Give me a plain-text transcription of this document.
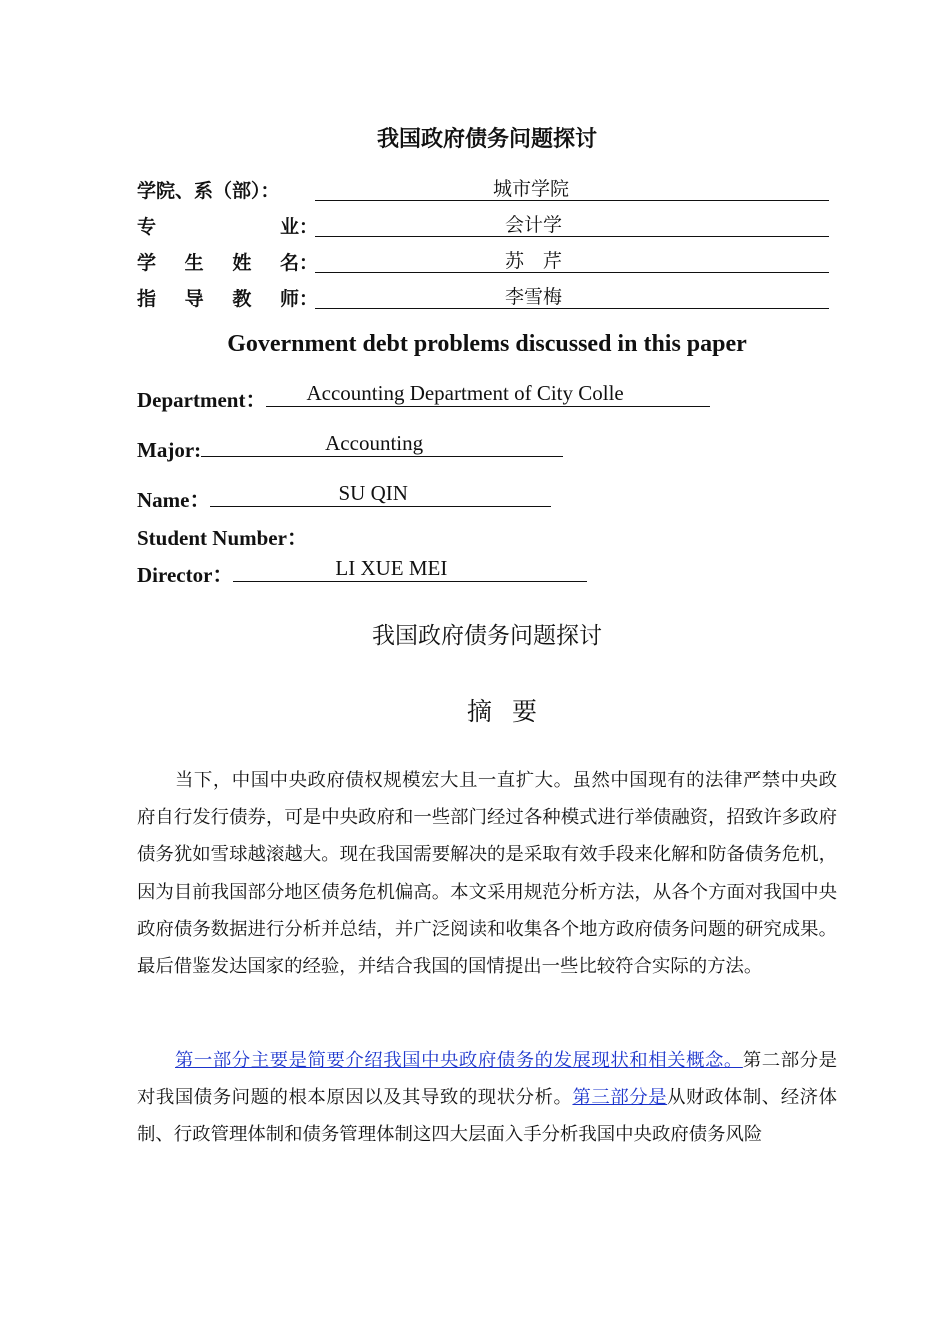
我国政府债务问题探讨
学院、系（部）：	城市学院
专	业 ：	会计学
学 生 姓 名 ：	苏　芹
指 导 教 师 ：	李雪梅
Government debt problems discussed in this paper
Department： Accounting Department of City Colle
Major:	Accounting
Name：	SU QIN
Student Number：
Director：	LI XUE MEI
我国政府债务问题探讨
摘要
当下，中国中央政府债权规模宏大且一直扩大。虽然中国现有的法律严禁中央政府自行发行债券，可是中央政府和一些部门经过各种模式进行举债融资，招致许多政府债务犹如雪球越滚越大。现在我国需要解决的是采取有效手段来化解和防备债务危机，因为目前我国部分地区债务危机偏高。本文采用规范分析方法，从各个方面对我国中央政府债务数据进行分析并总结，并广泛阅读和收集各个地方政府债务问题的研究成果。最后借鉴发达国家的经验，并结合我国的国情提出一些比较符合实际的方法。
第一部分主要是简要介绍我国中央政府债务的发展现状和相关概念。第二部分是对我国债务问题的根本原因以及其导致的现状分析。第三部分是从财政体制、经济体制、行政管理体制和债务管理体制这四大层面入手分析我国中央政府债务风险
